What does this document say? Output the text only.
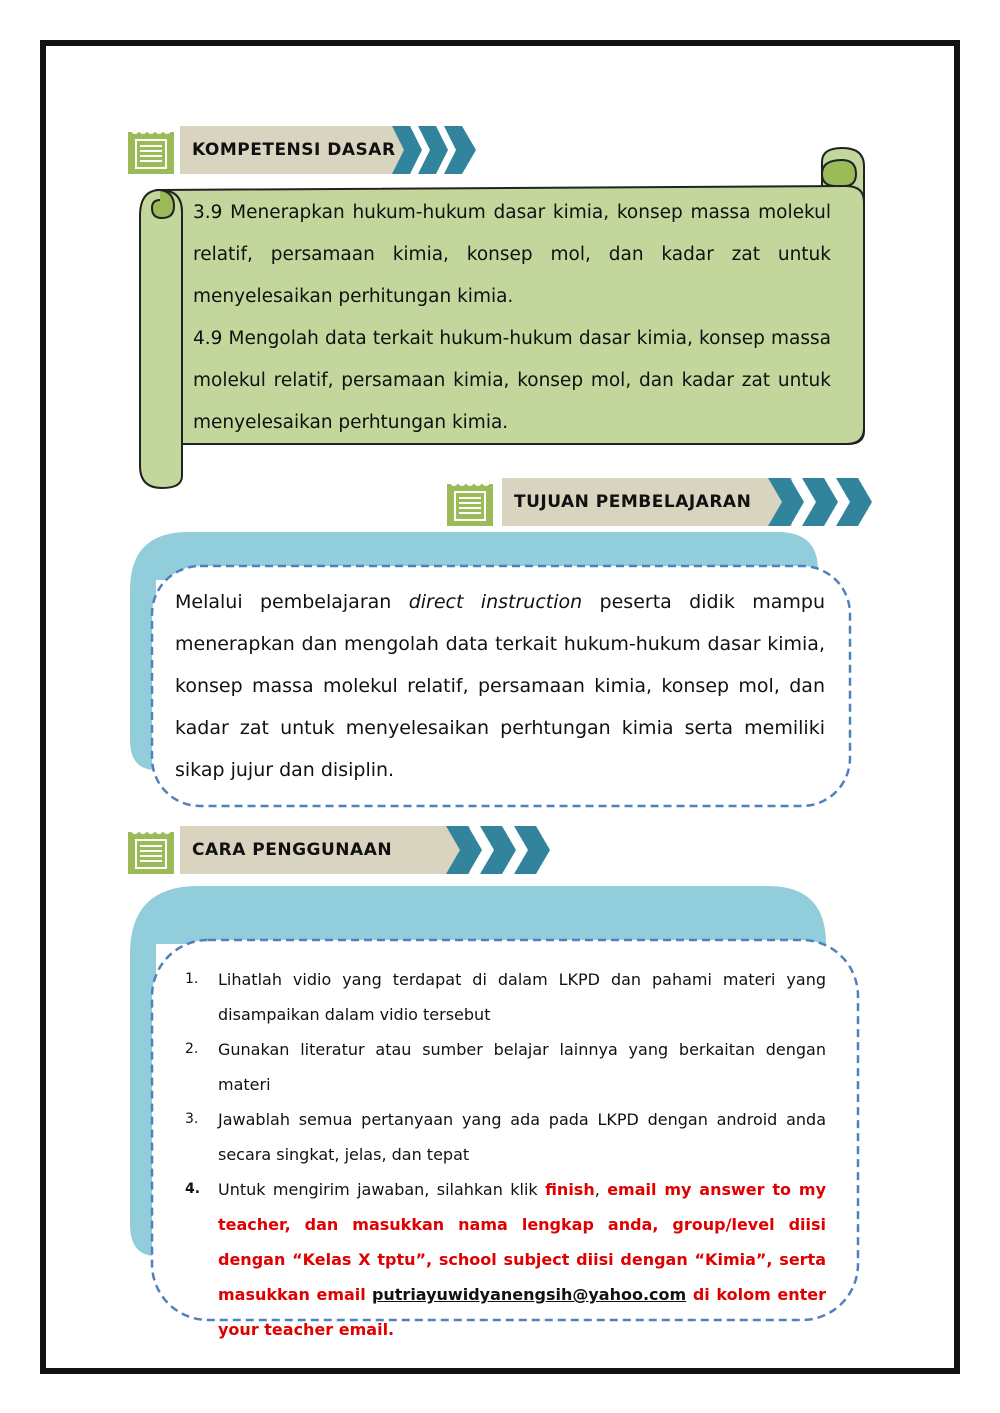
KOMPETENSI DASAR

3.9 Menerapkan hukum-hukum dasar kimia, konsep massa molekul relatif, persamaan kimia, konsep mol, dan kadar zat untuk menyelesaikan perhitungan kimia.

4.9 Mengolah data terkait hukum-hukum dasar kimia, konsep massa molekul relatif, persamaan kimia, konsep mol, dan kadar zat untuk menyelesaikan perhtungan kimia.

TUJUAN PEMBELAJARAN

Melalui pembelajaran direct instruction peserta didik mampu menerapkan dan mengolah data terkait hukum-hukum dasar kimia, konsep massa molekul relatif, persamaan kimia, konsep mol, dan kadar zat untuk menyelesaikan perhtungan kimia serta memiliki sikap jujur dan disiplin.

CARA PENGGUNAAN
1. Lihatlah vidio yang terdapat di dalam LKPD dan pahami materi yang disampaikan dalam vidio tersebut
2. Gunakan literatur atau sumber belajar lainnya yang berkaitan dengan materi
3. Jawablah semua pertanyaan yang ada pada LKPD dengan android anda secara singkat, jelas, dan tepat
4. Untuk mengirim jawaban, silahkan klik finish, email my answer to my teacher, dan masukkan nama lengkap anda, group/level diisi dengan “Kelas X tptu”, school subject diisi dengan “Kimia”, serta masukkan email putriayuwidyanengsih@yahoo.com di kolom enter your teacher email.
